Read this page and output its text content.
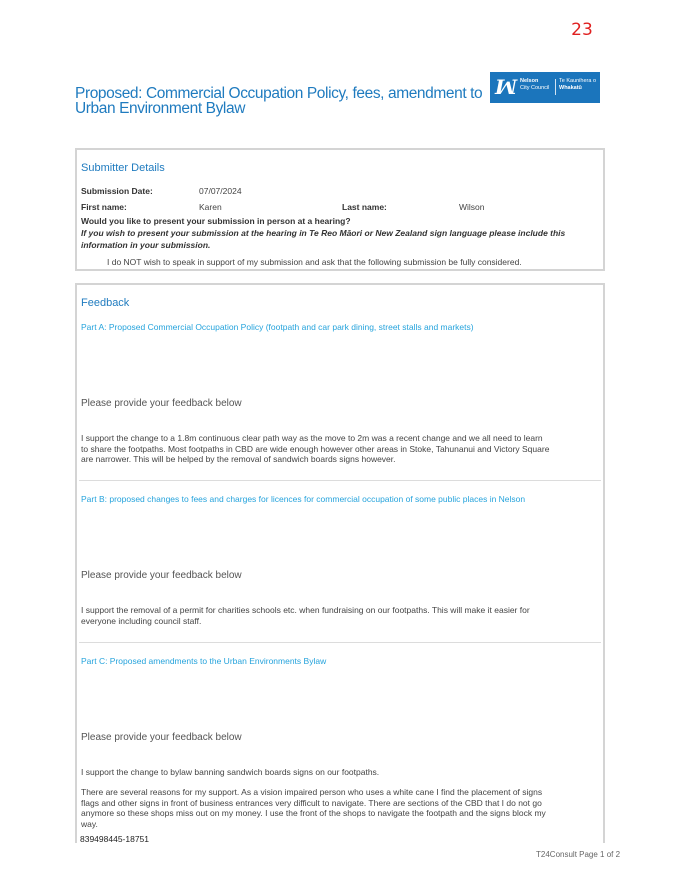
23
Proposed: Commercial Occupation Policy, fees, amendment to Urban Environment Bylaw
ꟽ Nelson
City Council
Te Kaunihera o
Whakatū
Submitter Details
Submission Date:	07/07/2024
First name:	Karen	Last name:	Wilson
Would you like to present your submission in person at a hearing?
If you wish to present your submission at the hearing in Te Reo Māori or New Zealand sign language please include this information in your submission.
I do NOT wish to speak in support of my submission and ask that the following submission be fully considered.
Feedback
Part A: Proposed Commercial Occupation Policy (footpath and car park dining, street stalls and markets)
Please provide your feedback below
I support the change to a 1.8m continuous clear path way as the move to 2m was a recent change and we all need to learn to share the footpaths. Most footpaths in CBD are wide enough however other areas in Stoke, Tahunanui and Victory Square are narrower. This will be helped by the removal of sandwich boards signs however.
Part B: proposed changes to fees and charges for licences for commercial occupation of some public places in Nelson
Please provide your feedback below
I support the removal of a permit for charities schools etc. when fundraising on our footpaths. This will make it easier for everyone including council staff.
Part C: Proposed amendments to the Urban Environments Bylaw
Please provide your feedback below
I support the change to bylaw banning sandwich boards signs on our footpaths.
There are several reasons for my support. As a vision impaired person who uses a white cane I find the placement of signs flags and other signs in front of business entrances very difficult to navigate. There are sections of the CBD that I do not go anymore so these shops miss out on my money. I use the front of the shops to navigate the footpath and the signs block my way.
839498445-18751
T24Consult Page 1 of 2
